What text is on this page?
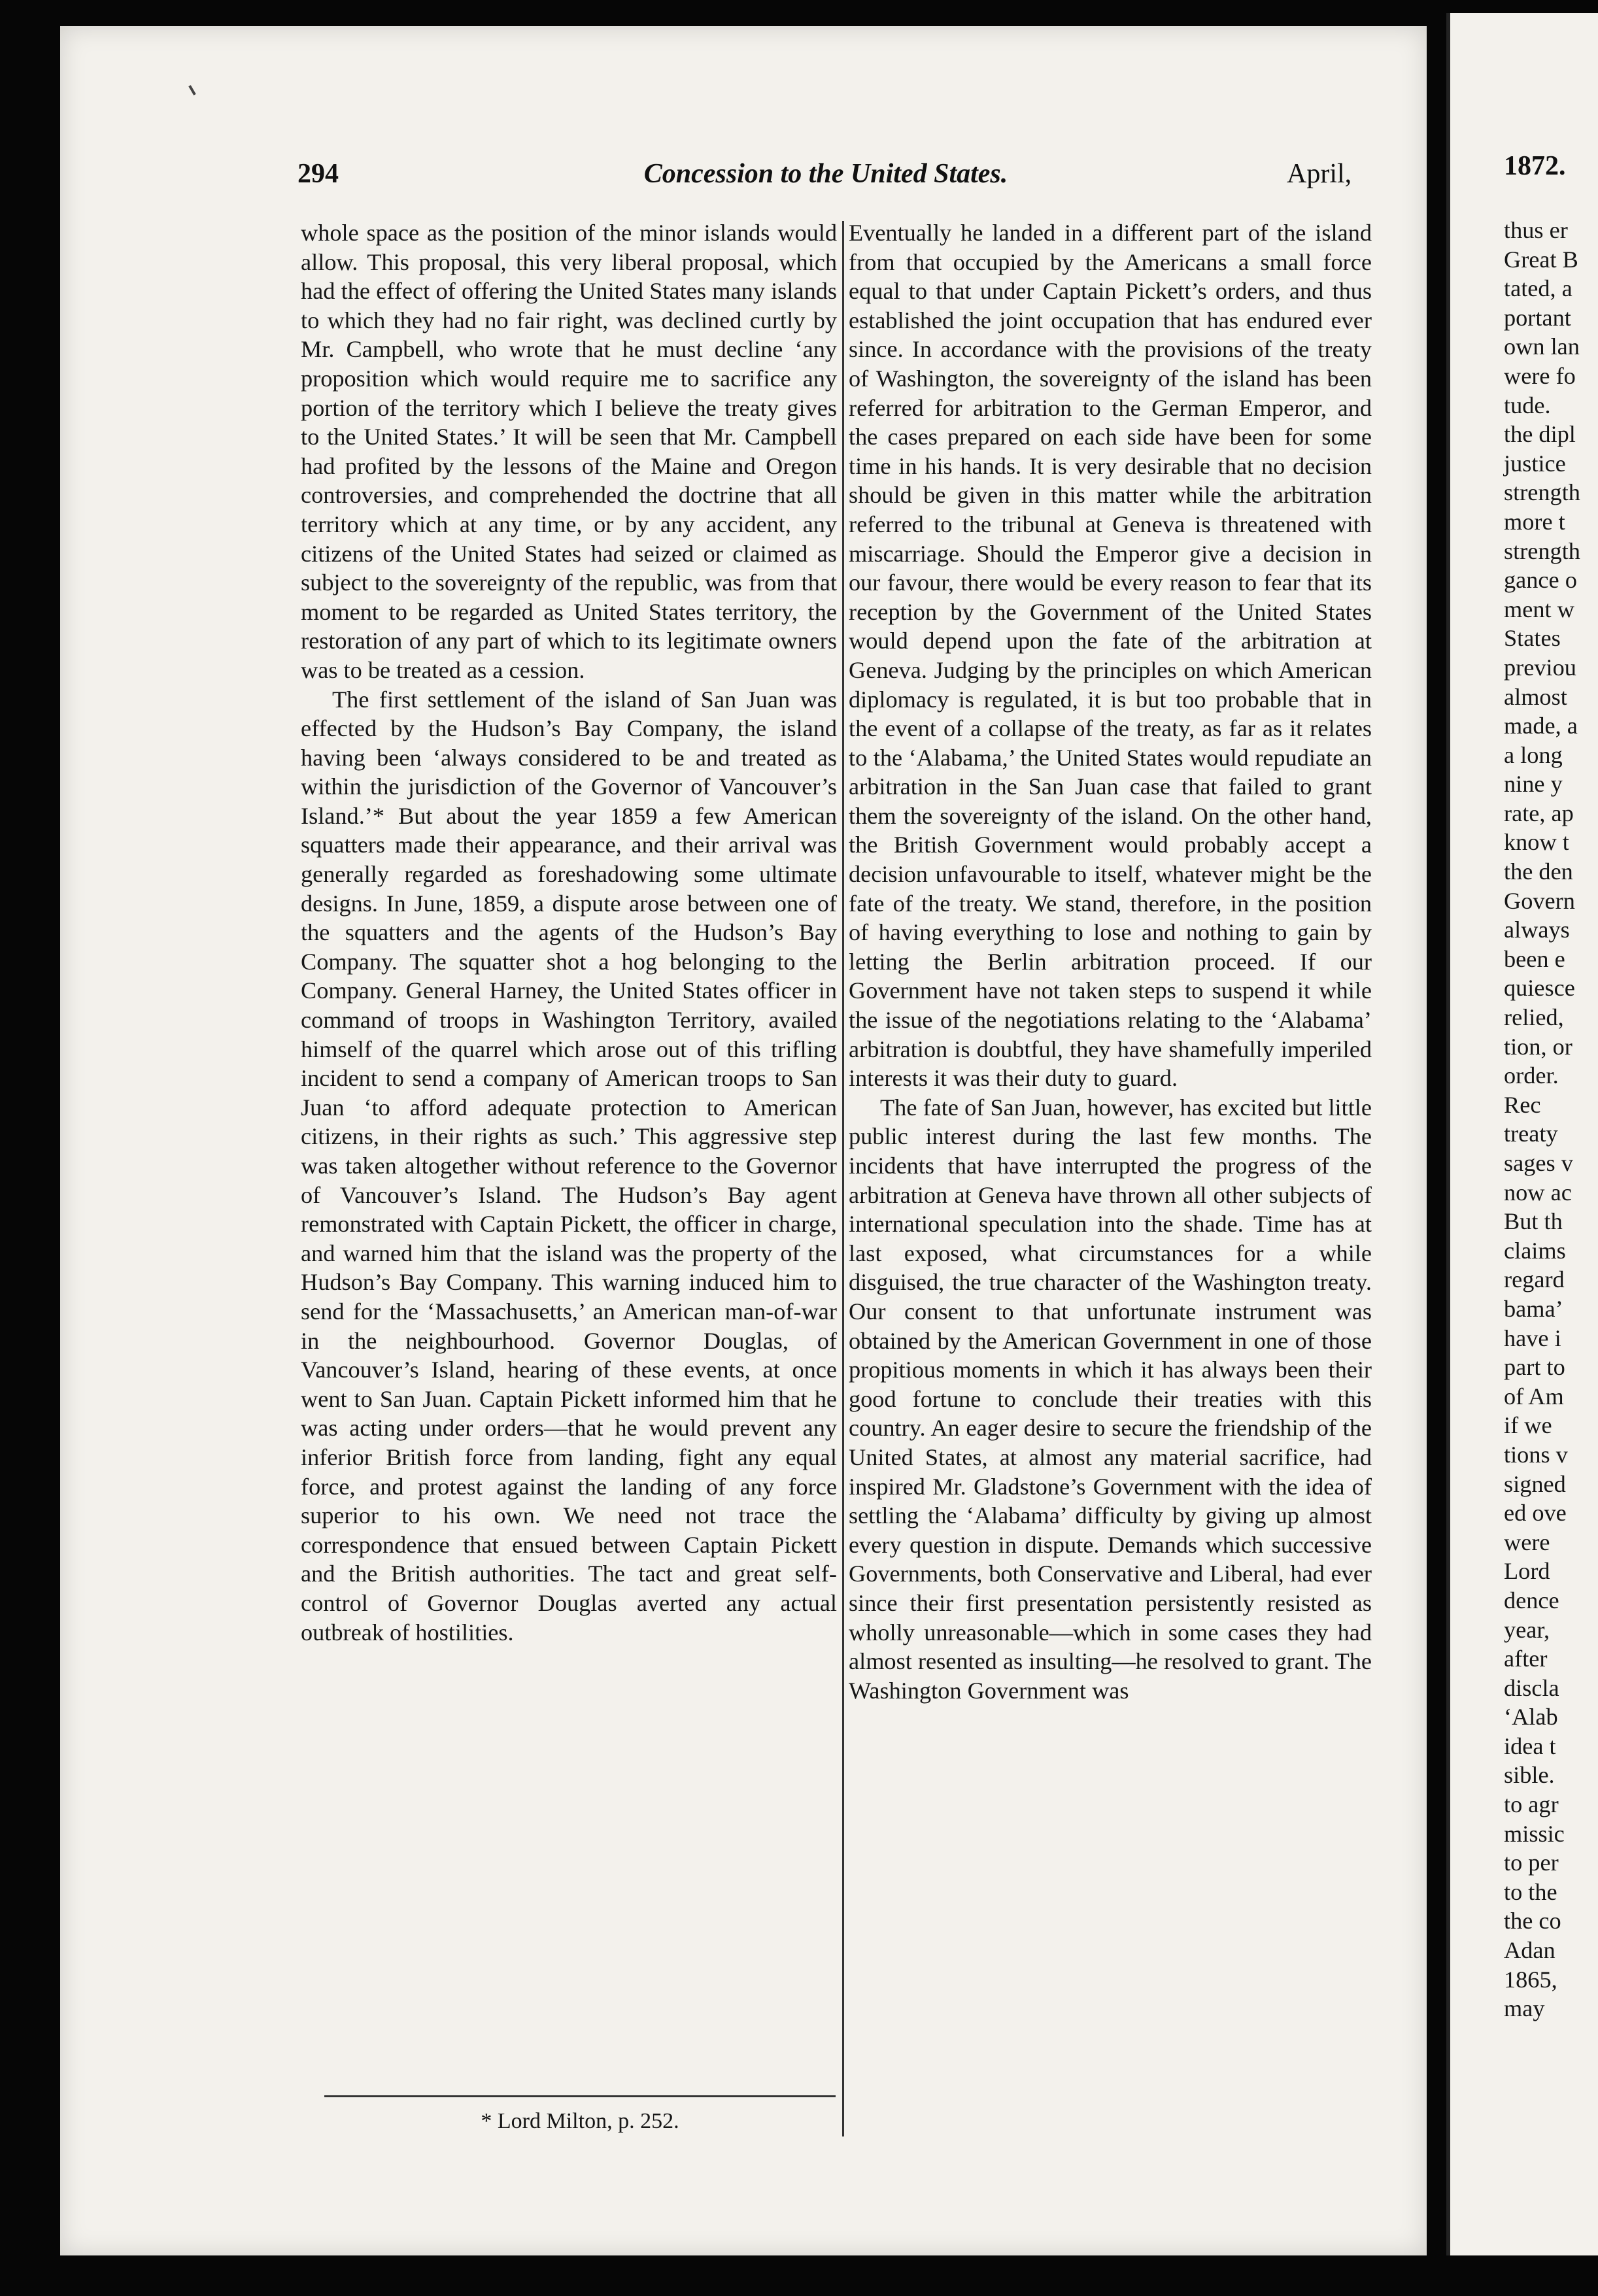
294	Concession to the United States.	April,

whole space as the position of the minor islands would allow. This proposal, this very liberal proposal, which had the effect of offering the United States many islands to which they had no fair right, was declined curtly by Mr. Campbell, who wrote that he must decline ‘any proposition which would require me to sacrifice any portion of the territory which I believe the treaty gives to the United States.’ It will be seen that Mr. Campbell had profited by the lessons of the Maine and Oregon controversies, and comprehended the doctrine that all territory which at any time, or by any accident, any citizens of the United States had seized or claimed as subject to the sovereignty of the republic, was from that moment to be regarded as United States territory, the restoration of any part of which to its legitimate owners was to be treated as a cession.

The first settlement of the island of San Juan was effected by the Hudson’s Bay Company, the island having been ‘always considered to be and treated as within the jurisdiction of the Governor of Vancouver’s Island.’* But about the year 1859 a few American squatters made their appearance, and their arrival was generally regarded as foreshadowing some ultimate designs. In June, 1859, a dispute arose between one of the squatters and the agents of the Hudson’s Bay Company. The squatter shot a hog belonging to the Company. General Harney, the United States officer in command of troops in Washington Territory, availed himself of the quarrel which arose out of this trifling incident to send a company of American troops to San Juan ‘to afford adequate protection to American citizens, in their rights as such.’ This aggressive step was taken altogether without reference to the Governor of Vancouver’s Island. The Hudson’s Bay agent remonstrated with Captain Pickett, the officer in charge, and warned him that the island was the property of the Hudson’s Bay Company. This warning induced him to send for the ‘Massachusetts,’ an American man-of-war in the neighbourhood. Governor Douglas, of Vancouver’s Island, hearing of these events, at once went to San Juan. Captain Pickett informed him that he was acting under orders—that he would prevent any inferior British force from landing, fight any equal force, and protest against the landing of any force superior to his own. We need not trace the correspondence that ensued between Captain Pickett and the British authorities. The tact and great self-control of Governor Douglas averted any actual outbreak of hostilities.

Eventually he landed in a different part of the island from that occupied by the Americans a small force equal to that under Captain Pickett’s orders, and thus established the joint occupation that has endured ever since. In accordance with the provisions of the treaty of Washington, the sovereignty of the island has been referred for arbitration to the German Emperor, and the cases prepared on each side have been for some time in his hands. It is very desirable that no decision should be given in this matter while the arbitration referred to the tribunal at Geneva is threatened with miscarriage. Should the Emperor give a decision in our favour, there would be every reason to fear that its reception by the Government of the United States would depend upon the fate of the arbitration at Geneva. Judging by the principles on which American diplomacy is regulated, it is but too probable that in the event of a collapse of the treaty, as far as it relates to the ‘Alabama,’ the United States would repudiate an arbitration in the San Juan case that failed to grant them the sovereignty of the island. On the other hand, the British Government would probably accept a decision unfavourable to itself, whatever might be the fate of the treaty. We stand, therefore, in the position of having everything to lose and nothing to gain by letting the Berlin arbitration proceed. If our Government have not taken steps to suspend it while the issue of the negotiations relating to the ‘Alabama’ arbitration is doubtful, they have shamefully imperiled interests it was their duty to guard.

The fate of San Juan, however, has excited but little public interest during the last few months. The incidents that have interrupted the progress of the arbitration at Geneva have thrown all other subjects of international speculation into the shade. Time has at last exposed, what circumstances for a while disguised, the true character of the Washington treaty. Our consent to that unfortunate instrument was obtained by the American Government in one of those propitious moments in which it has always been their good fortune to conclude their treaties with this country. An eager desire to secure the friendship of the United States, at almost any material sacrifice, had inspired Mr. Gladstone’s Government with the idea of settling the ‘Alabama’ difficulty by giving up almost every question in dispute. Demands which successive Governments, both Conservative and Liberal, had ever since their first presentation persistently resisted as wholly unreasonable—which in some cases they had almost resented as insulting—he resolved to grant. The Washington Government was

* Lord Milton, p. 252.
1872.
thus er
Great B
tated, a
portant
own lan
were fo
tude.
the dipl
justice
strength
more t
strength
gance o
ment w
States
previou
almost
made, a
a long
nine y
rate, ap
know t
the den
Govern
always
been e
quiesce
relied,
tion, or
order.
Rec
treaty
sages v
now ac
But th
claims
regard
bama’
have i
part to
of Am
if we
tions v
signed
ed ove
were
Lord
dence
year,
after
discla
‘Alab
idea t
sible.
to agr
missic
to per
to the
the co
Adan
1865,
may
